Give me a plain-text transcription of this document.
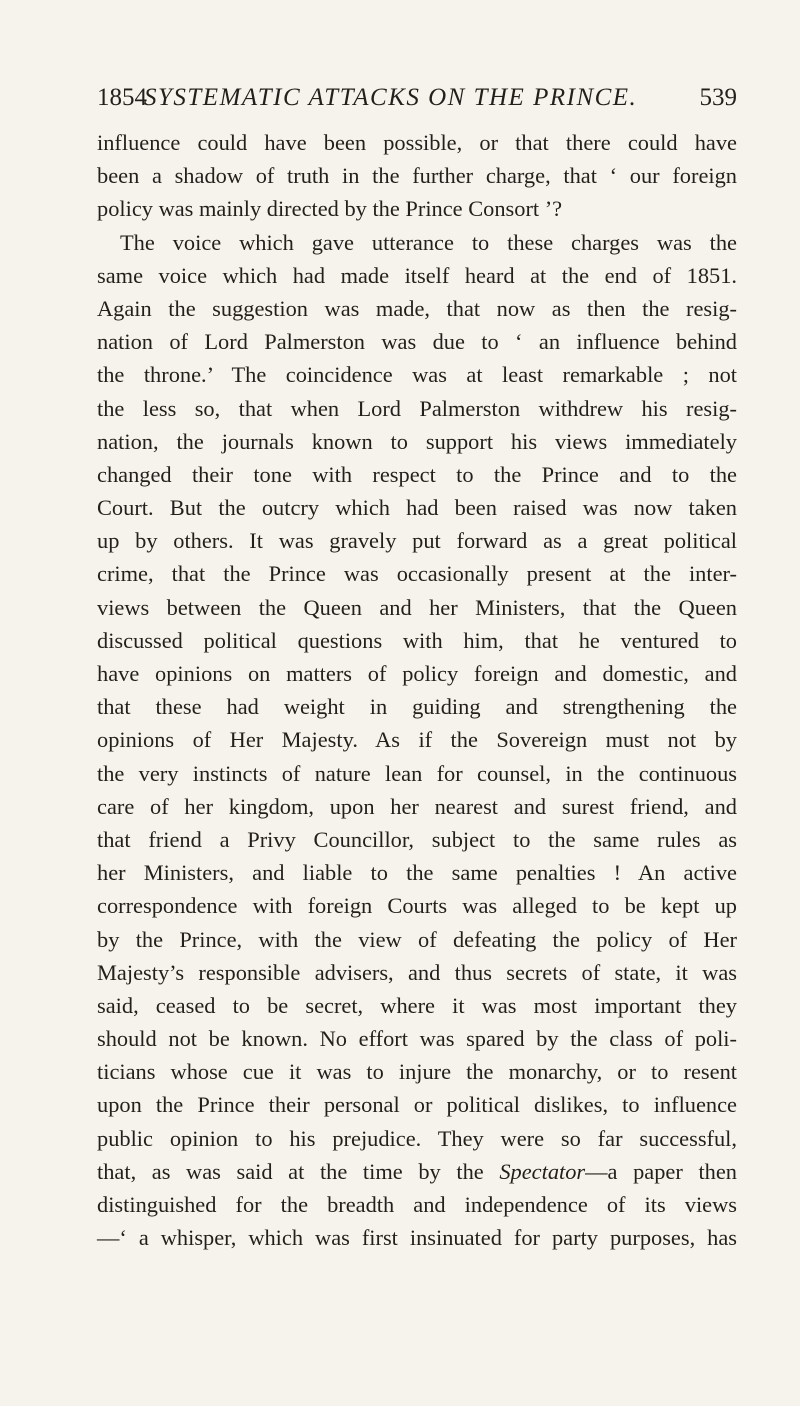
1854
SYSTEMATIC ATTACKS ON THE PRINCE. 539
influence could have been possible, or that there could have
been a shadow of truth in the further charge, that ‘ our foreign
policy was mainly directed by the Prince Consort ’?
The voice which gave utterance to these charges was the
same voice which had made itself heard at the end of 1851.
Again the suggestion was made, that now as then the resig-
nation of Lord Palmerston was due to ‘ an influence behind
the throne.’ The coincidence was at least remarkable ; not
the less so, that when Lord Palmerston withdrew his resig-
nation, the journals known to support his views immediately
changed their tone with respect to the Prince and to the
Court. But the outcry which had been raised was now taken
up by others. It was gravely put forward as a great political
crime, that the Prince was occasionally present at the inter-
views between the Queen and her Ministers, that the Queen
discussed political questions with him, that he ventured to
have opinions on matters of policy foreign and domestic, and
that these had weight in guiding and strengthening the
opinions of Her Majesty. As if the Sovereign must not by
the very instincts of nature lean for counsel, in the continuous
care of her kingdom, upon her nearest and surest friend, and
that friend a Privy Councillor, subject to the same rules as
her Ministers, and liable to the same penalties ! An active
correspondence with foreign Courts was alleged to be kept up
by the Prince, with the view of defeating the policy of Her
Majesty’s responsible advisers, and thus secrets of state, it was
said, ceased to be secret, where it was most important they
should not be known. No effort was spared by the class of poli-
ticians whose cue it was to injure the monarchy, or to resent
upon the Prince their personal or political dislikes, to influence
public opinion to his prejudice. They were so far successful,
that, as was said at the time by the Spectator—a paper then
distinguished for the breadth and independence of its views
—‘ a whisper, which was first insinuated for party purposes, has
